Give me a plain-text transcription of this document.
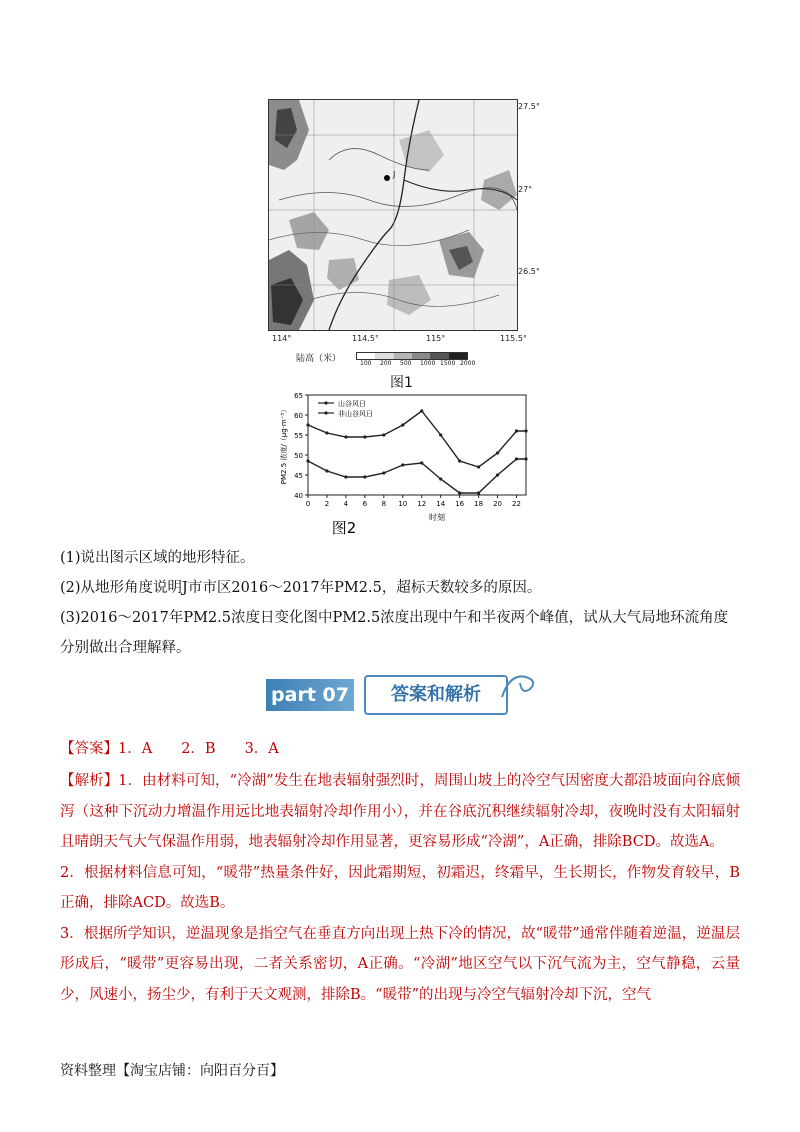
J
27.5°
27°
26.5°
114°	114.5°	115°	115.5°
陆高（米）	100 200 500 1000 1500 2000
图1
40
45
50
55
60
65
0 2 4 6 8 10 12 14 16 18 20 22
时刻
PM2.5 浓度/（μg·m⁻³）
图2
山谷风日
非山谷风日

(1)说出图示区域的地形特征。

(2)从地形角度说明J市市区2016～2017年PM2.5，超标天数较多的原因。

(3)2016～2017年PM2.5浓度日变化图中PM2.5浓度出现中午和半夜两个峰值，试从大气局地环流角度分别做出合理解释。

part 07	答案和解析

【答案】1．A　　2．B　　3．A

【解析】1．由材料可知，“冷湖”发生在地表辐射强烈时，周围山坡上的冷空气因密度大都沿坡面向谷底倾泻（这种下沉动力增温作用远比地表辐射冷却作用小），并在谷底沉积继续辐射冷却，夜晚时没有太阳辐射且晴朗天气大气保温作用弱，地表辐射冷却作用显著，更容易形成“冷湖”，A正确，排除BCD。故选A。

2．根据材料信息可知，“暖带”热量条件好，因此霜期短，初霜迟，终霜早，生长期长，作物发育较早，B正确，排除ACD。故选B。

3．根据所学知识，逆温现象是指空气在垂直方向出现上热下冷的情况，故“暖带”通常伴随着逆温，逆温层形成后，“暖带”更容易出现，二者关系密切，A正确。“冷湖”地区空气以下沉气流为主，空气静稳，云量少，风速小，扬尘少，有利于天文观测，排除B。“暖带”的出现与冷空气辐射冷却下沉，空气

资料整理【淘宝店铺：向阳百分百】
